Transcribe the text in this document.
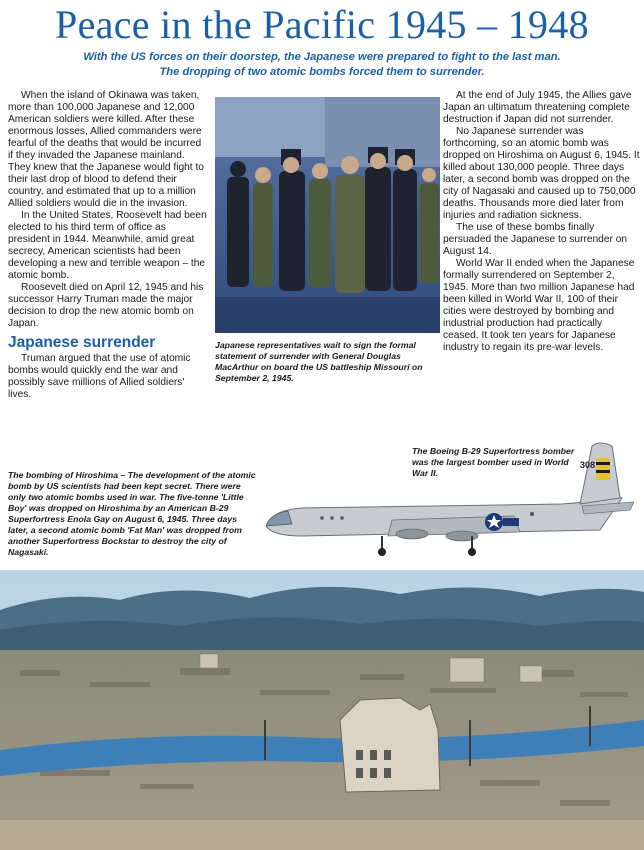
Peace in the Pacific 1945 – 1948
With the US forces on their doorstep, the Japanese were prepared to fight to the last man.
The dropping of two atomic bombs forced them to surrender.

When the island of Okinawa was taken, more than 100,000 Japanese and 12,000 American soldiers were killed. After these enormous losses, Allied commanders were fearful of the deaths that would be incurred if they invaded the Japanese mainland. They knew that the Japanese would fight to their last drop of blood to defend their country, and estimated that up to a million Allied soldiers would die in the invasion.

In the United States, Roosevelt had been elected to his third term of office as president in 1944. Meanwhile, amid great secrecy, American scientists had been developing a new and terrible weapon – the atomic bomb.

Roosevelt died on April 12, 1945 and his successor Harry Truman made the major decision to drop the new atomic bomb on Japan.

Japanese surrender

Truman argued that the use of atomic bombs would quickly end the war and possibly save millions of Allied soldiers' lives.

Japanese representatives wait to sign the formal statement of surrender with General Douglas MacArthur on board the US battleship Missouri on September 2, 1945.

At the end of July 1945, the Allies gave Japan an ultimatum threatening complete destruction if Japan did not surrender.

No Japanese surrender was forthcoming, so an atomic bomb was dropped on Hiroshima on August 6, 1945. It killed about 130,000 people. Three days later, a second bomb was dropped on the city of Nagasaki and caused up to 750,000 deaths. Thousands more died later from injuries and radiation sickness.

The use of these bombs finally persuaded the Japanese to surrender on August 14.

World War II ended when the Japanese formally surrendered on September 2, 1945. More than two million Japanese had been killed in World War II, 100 of their cities were destroyed by bombing and industrial production had practically ceased. It took ten years for Japanese industry to regain its pre-war levels.

308
The Boeing B-29 Superfortress bomber was the largest bomber used in World War II.
The bombing of Hiroshima – The development of the atomic bomb by US scientists had been kept secret. There were only two atomic bombs used in war. The five-tonne 'Little Boy' was dropped on Hiroshima by an American B-29 Superfortress Enola Gay on August 6, 1945. Three days later, a second atomic bomb 'Fat Man' was dropped from another Superfortress Bockstar to destroy the city of Nagasaki.
